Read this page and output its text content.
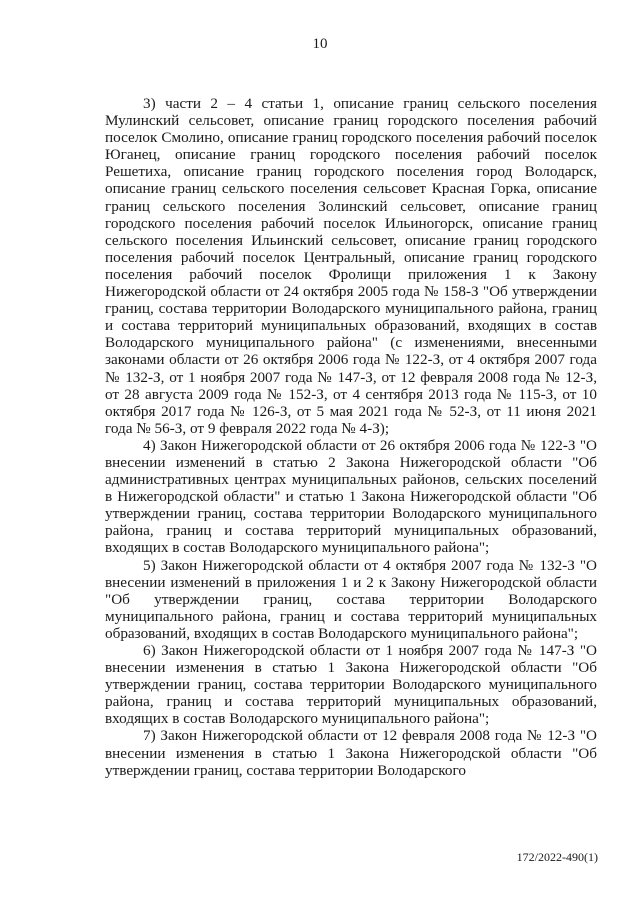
10

3) части 2 – 4 статьи 1, описание границ сельского поселения Мулинский сельсовет, описание границ городского поселения рабочий поселок Смолино, описание границ городского поселения рабочий поселок Юганец, описание границ городского поселения рабочий поселок Решетиха, описание границ городского поселения город Володарск, описание границ сельского поселения сельсовет Красная Горка, описание границ сельского поселения Золинский сельсовет, описание границ городского поселения рабочий поселок Ильиногорск, описание границ сельского поселения Ильинский сельсовет, описание границ городского поселения рабочий поселок Центральный, описание границ городского поселения рабочий поселок Фролищи приложения 1 к Закону Нижегородской области от 24 октября 2005 года № 158-З "Об утверждении границ, состава территории Володарского муниципального района, границ и состава территорий муниципальных образований, входящих в состав Володарского муниципального района" (с изменениями, внесенными законами области от 26 октября 2006 года № 122-З, от 4 октября 2007 года № 132-З, от 1 ноября 2007 года № 147-З, от 12 февраля 2008 года № 12-З, от 28 августа 2009 года № 152-З, от 4 сентября 2013 года № 115-З, от 10 октября 2017 года № 126-З, от 5 мая 2021 года № 52-З, от 11 июня 2021 года № 56-З, от 9 февраля 2022 года № 4-З);

4) Закон Нижегородской области от 26 октября 2006 года № 122-З "О внесении изменений в статью 2 Закона Нижегородской области "Об административных центрах муниципальных районов, сельских поселений в Нижегородской области" и статью 1 Закона Нижегородской области "Об утверждении границ, состава территории Володарского муниципального района, границ и состава территорий муниципальных образований, входящих в состав Володарского муниципального района";

5) Закон Нижегородской области от 4 октября 2007 года № 132-З "О внесении изменений в приложения 1 и 2 к Закону Нижегородской области "Об утверждении границ, состава территории Володарского муниципального района, границ и состава территорий муниципальных образований, входящих в состав Володарского муниципального района";

6) Закон Нижегородской области от 1 ноября 2007 года № 147-З "О внесении изменения в статью 1 Закона Нижегородской области "Об утверждении границ, состава территории Володарского муниципального района, границ и состава территорий муниципальных образований, входящих в состав Володарского муниципального района";

7) Закон Нижегородской области от 12 февраля 2008 года № 12-З "О внесении изменения в статью 1 Закона Нижегородской области "Об утверждении границ, состава территории Володарского

172/2022-490(1)
